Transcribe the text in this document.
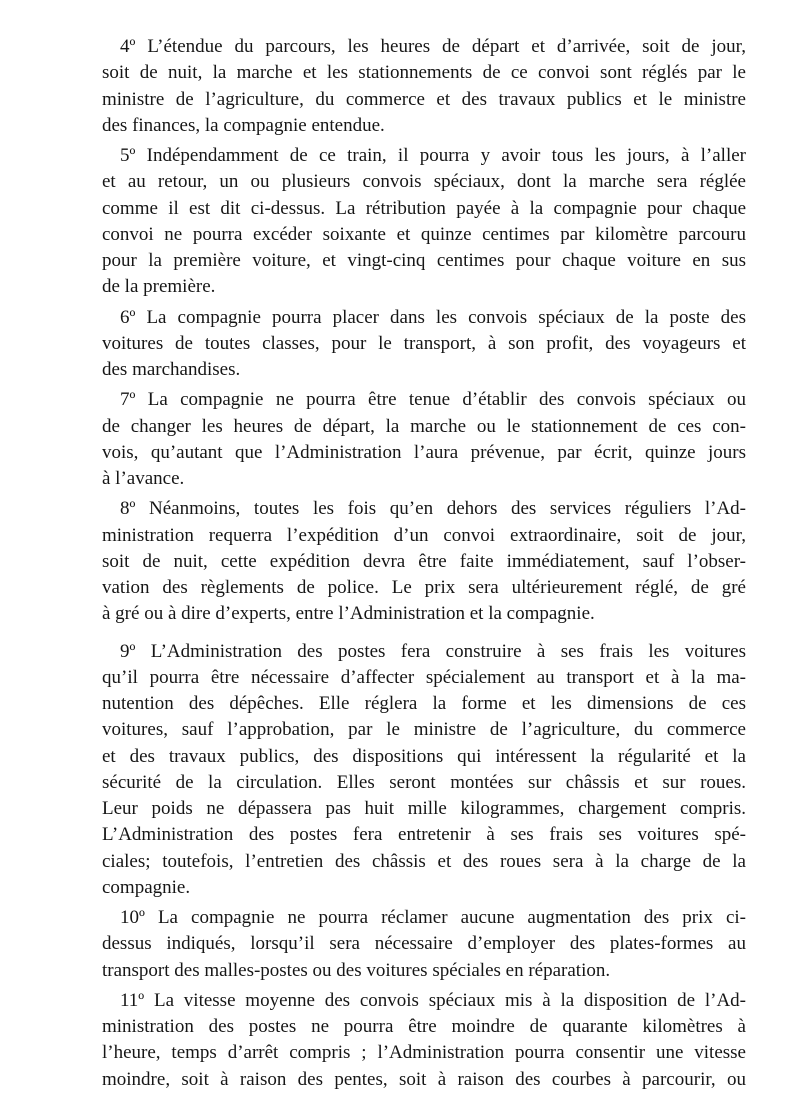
4º L’étendue du parcours, les heures de départ et d’arrivée, soit de jour,
soit de nuit, la marche et les stationnements de ce convoi sont réglés par le
ministre de l’agriculture, du commerce et des travaux publics et le ministre
des finances, la compagnie entendue.
5º Indépendamment de ce train, il pourra y avoir tous les jours, à l’aller
et au retour, un ou plusieurs convois spéciaux, dont la marche sera réglée
comme il est dit ci-dessus. La rétribution payée à la compagnie pour chaque
convoi ne pourra excéder soixante et quinze centimes par kilomètre parcouru
pour la première voiture, et vingt-cinq centimes pour chaque voiture en sus
de la première.
6º La compagnie pourra placer dans les convois spéciaux de la poste des
voitures de toutes classes, pour le transport, à son profit, des voyageurs et
des marchandises.
7º La compagnie ne pourra être tenue d’établir des convois spéciaux ou
de changer les heures de départ, la marche ou le stationnement de ces con-
vois, qu’autant que l’Administration l’aura prévenue, par écrit, quinze jours
à l’avance.
8º Néanmoins, toutes les fois qu’en dehors des services réguliers l’Ad-
ministration requerra l’expédition d’un convoi extraordinaire, soit de jour,
soit de nuit, cette expédition devra être faite immédiatement, sauf l’obser-
vation des règlements de police. Le prix sera ultérieurement réglé, de gré
à gré ou à dire d’experts, entre l’Administration et la compagnie.
9º L’Administration des postes fera construire à ses frais les voitures
qu’il pourra être nécessaire d’affecter spécialement au transport et à la ma-
nutention des dépêches. Elle réglera la forme et les dimensions de ces
voitures, sauf l’approbation, par le ministre de l’agriculture, du commerce
et des travaux publics, des dispositions qui intéressent la régularité et la
sécurité de la circulation. Elles seront montées sur châssis et sur roues.
Leur poids ne dépassera pas huit mille kilogrammes, chargement compris.
L’Administration des postes fera entretenir à ses frais ses voitures spé-
ciales; toutefois, l’entretien des châssis et des roues sera à la charge de la
compagnie.
10º La compagnie ne pourra réclamer aucune augmentation des prix ci-
dessus indiqués, lorsqu’il sera nécessaire d’employer des plates-formes au
transport des malles-postes ou des voitures spéciales en réparation.
11º La vitesse moyenne des convois spéciaux mis à la disposition de l’Ad-
ministration des postes ne pourra être moindre de quarante kilomètres à
l’heure, temps d’arrêt compris ; l’Administration pourra consentir une vitesse
moindre, soit à raison des pentes, soit à raison des courbes à parcourir, ou
